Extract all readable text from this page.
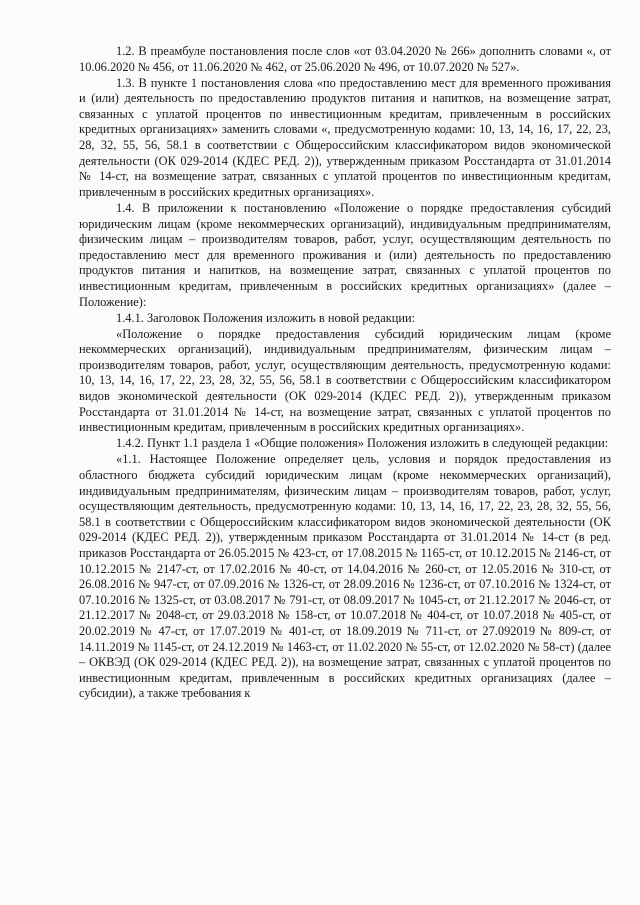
1.2. В преамбуле постановления после слов «от 03.04.2020 № 266» дополнить словами «, от 10.06.2020 № 456, от 11.06.2020 № 462, от 25.06.2020 № 496, от 10.07.2020 № 527».

1.3. В пункте 1 постановления слова «по предоставлению мест для временного проживания и (или) деятельность по предоставлению продуктов питания и напитков, на возмещение затрат, связанных с уплатой процентов по инвестиционным кредитам, привлеченным в российских кредитных организациях» заменить словами «, предусмотренную кодами: 10, 13, 14, 16, 17, 22, 23, 28, 32, 55, 56, 58.1 в соответствии с Общероссийским классификатором видов экономической деятельности (ОК 029-2014 (КДЕС РЕД. 2)), утвержденным приказом Росстандарта от 31.01.2014 № 14-ст, на возмещение затрат, связанных с уплатой процентов по инвестиционным кредитам, привлеченным в российских кредитных организациях».

1.4. В приложении к постановлению «Положение о порядке предоставления субсидий юридическим лицам (кроме некоммерческих организаций), индивидуальным предпринимателям, физическим лицам – производителям товаров, работ, услуг, осуществляющим деятельность по предоставлению мест для временного проживания и (или) деятельность по предоставлению продуктов питания и напитков, на возмещение затрат, связанных с уплатой процентов по инвестиционным кредитам, привлеченным в российских кредитных организациях» (далее – Положение):

1.4.1. Заголовок Положения изложить в новой редакции:

«Положение о порядке предоставления субсидий юридическим лицам (кроме некоммерческих организаций), индивидуальным предпринимателям, физическим лицам – производителям товаров, работ, услуг, осуществляющим деятельность, предусмотренную кодами: 10, 13, 14, 16, 17, 22, 23, 28, 32, 55, 56, 58.1 в соответствии с Общероссийским классификатором видов экономической деятельности (ОК 029-2014 (КДЕС РЕД. 2)), утвержденным приказом Росстандарта от 31.01.2014 № 14-ст, на возмещение затрат, связанных с уплатой процентов по инвестиционным кредитам, привлеченным в российских кредитных организациях».

1.4.2. Пункт 1.1 раздела 1 «Общие положения» Положения изложить в следующей редакции:

«1.1. Настоящее Положение определяет цель, условия и порядок предоставления из областного бюджета субсидий юридическим лицам (кроме некоммерческих организаций), индивидуальным предпринимателям, физическим лицам – производителям товаров, работ, услуг, осуществляющим деятельность, предусмотренную кодами: 10, 13, 14, 16, 17, 22, 23, 28, 32, 55, 56, 58.1 в соответствии с Общероссийским классификатором видов экономической деятельности (ОК 029-2014 (КДЕС РЕД. 2)), утвержденным приказом Росстандарта от 31.01.2014 № 14-ст (в ред. приказов Росстандарта от 26.05.2015 № 423-ст, от 17.08.2015 № 1165-ст, от 10.12.2015 № 2146-ст, от 10.12.2015 № 2147-ст, от 17.02.2016 № 40-ст, от 14.04.2016 № 260-ст, от 12.05.2016 № 310-ст, от 26.08.2016 № 947-ст, от 07.09.2016 № 1326-ст, от 28.09.2016 № 1236-ст, от 07.10.2016 № 1324-ст, от 07.10.2016 № 1325-ст, от 03.08.2017 № 791-ст, от 08.09.2017 № 1045-ст, от 21.12.2017 № 2046-ст, от 21.12.2017 № 2048-ст, от 29.03.2018 № 158-ст, от 10.07.2018 № 404-ст, от 10.07.2018 № 405-ст, от 20.02.2019 № 47-ст, от 17.07.2019 № 401-ст, от 18.09.2019 № 711-ст, от 27.092019 № 809-ст, от 14.11.2019 № 1145-ст, от 24.12.2019 № 1463-ст, от 11.02.2020 № 55-ст, от 12.02.2020 № 58-ст) (далее – ОКВЭД (ОК 029-2014 (КДЕС РЕД. 2)), на возмещение затрат, связанных с уплатой процентов по инвестиционным кредитам, привлеченным в российских кредитных организациях (далее – субсидии), а также требования к
